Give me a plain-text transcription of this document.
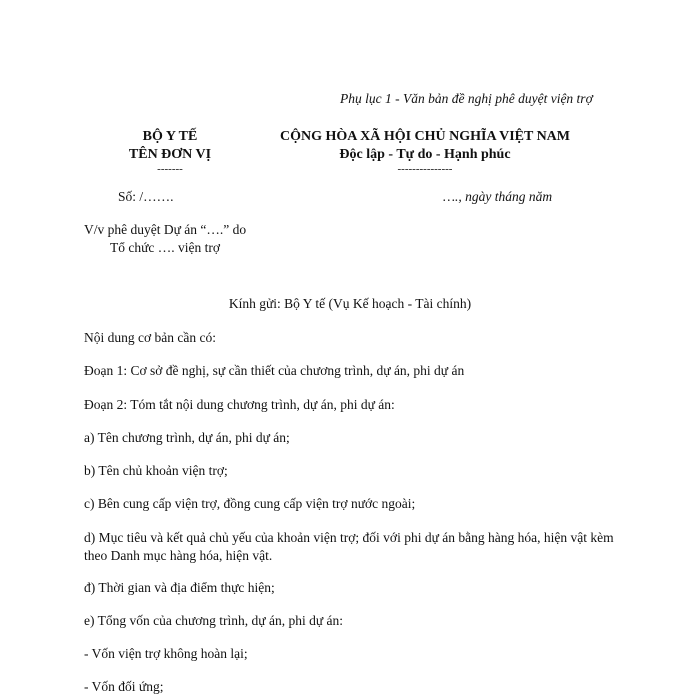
Phụ lục 1 - Văn bản đề nghị phê duyệt viện trợ
BỘ Y TẾ
TÊN ĐƠN VỊ
-------
CỘNG HÒA XÃ HỘI CHỦ NGHĨA VIỆT NAM
Độc lập - Tự do - Hạnh phúc
---------------
Số: /…….	…., ngày tháng năm
V/v phê duyệt Dự án “….” do
Tổ chức …. viện trợ
Kính gửi: Bộ Y tế (Vụ Kế hoạch - Tài chính)
Nội dung cơ bản cần có:
Đoạn 1: Cơ sở đề nghị, sự cần thiết của chương trình, dự án, phi dự án
Đoạn 2: Tóm tắt nội dung chương trình, dự án, phi dự án:
a) Tên chương trình, dự án, phi dự án;
b) Tên chủ khoản viện trợ;
c) Bên cung cấp viện trợ, đồng cung cấp viện trợ nước ngoài;
d) Mục tiêu và kết quả chủ yếu của khoản viện trợ; đối với phi dự án bằng hàng hóa, hiện vật kèm theo Danh mục hàng hóa, hiện vật.
đ) Thời gian và địa điểm thực hiện;
e) Tổng vốn của chương trình, dự án, phi dự án:
- Vốn viện trợ không hoàn lại;
- Vốn đối ứng;
